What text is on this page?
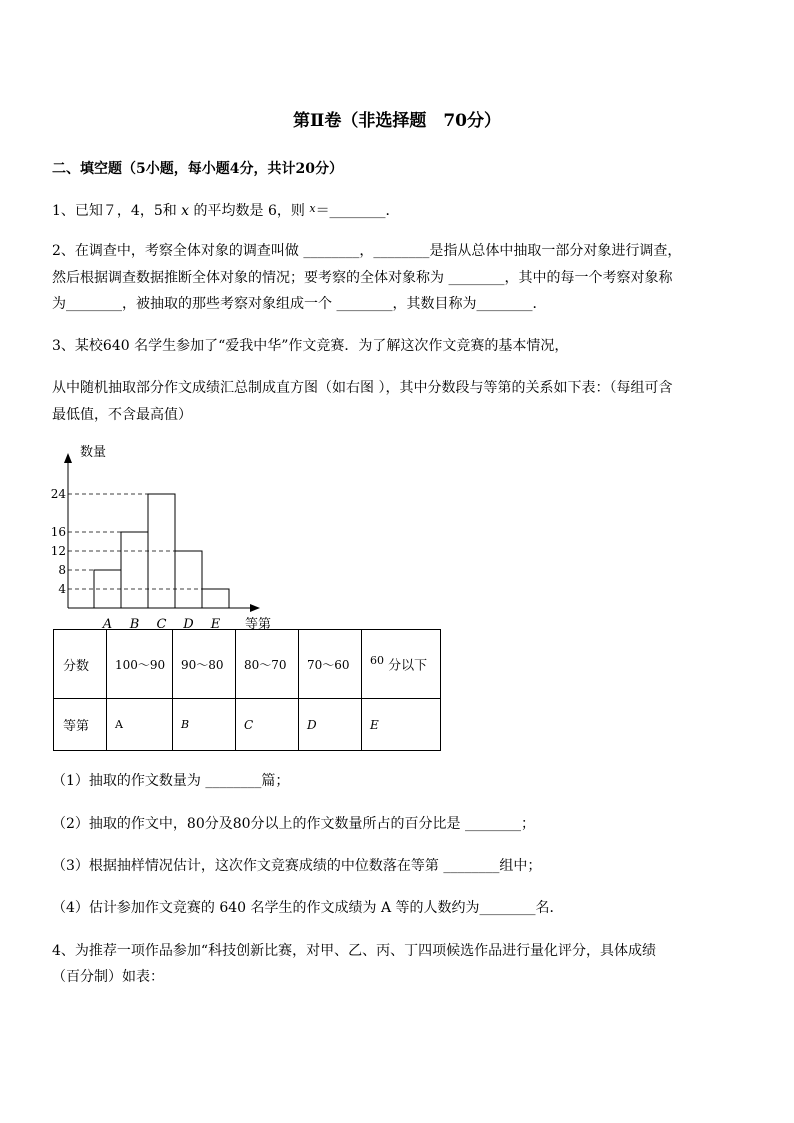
第Ⅱ卷（非选择题　70分）
二、填空题（5小题，每小题4分，共计20分）
1、已知７，4，5和 x 的平均数是 6，则 $^x$＝________．
2、在调查中，考察全体对象的调查叫做 ________，________是指从总体中抽取一部分对象进行调查，
然后根据调查数据推断全体对象的情况；要考察的全体对象称为 ________，其中的每一个考察对象称
为________，被抽取的那些考察对象组成一个 ________，其数目称为________．
3、某校640 名学生参加了“爱我中华”作文竞赛．为了解这次作文竞赛的基本情况，
从中随机抽取部分作文成绩汇总制成直方图（如右图 ），其中分数段与等第的关系如下表：（每组可含
最低值，不含最高值）
数量
等第
A B C D E
4
8
12
16
24
分数	100～90	90～80	80～70	70～60	$^{60}$ 分以下
等第	A	B	C	D	E
（1）抽取的作文数量为 ________篇；
（2）抽取的作文中，80分及80分以上的作文数量所占的百分比是 ________；
（3）根据抽样情况估计，这次作文竞赛成绩的中位数落在等第 ________组中；
（4）估计参加作文竞赛的 640 名学生的作文成绩为 A 等的人数约为________名．
4、为推荐一项作品参加“科技创新比赛，对甲、乙、丙、丁四项候选作品进行量化评分，具体成绩
（百分制）如表：
